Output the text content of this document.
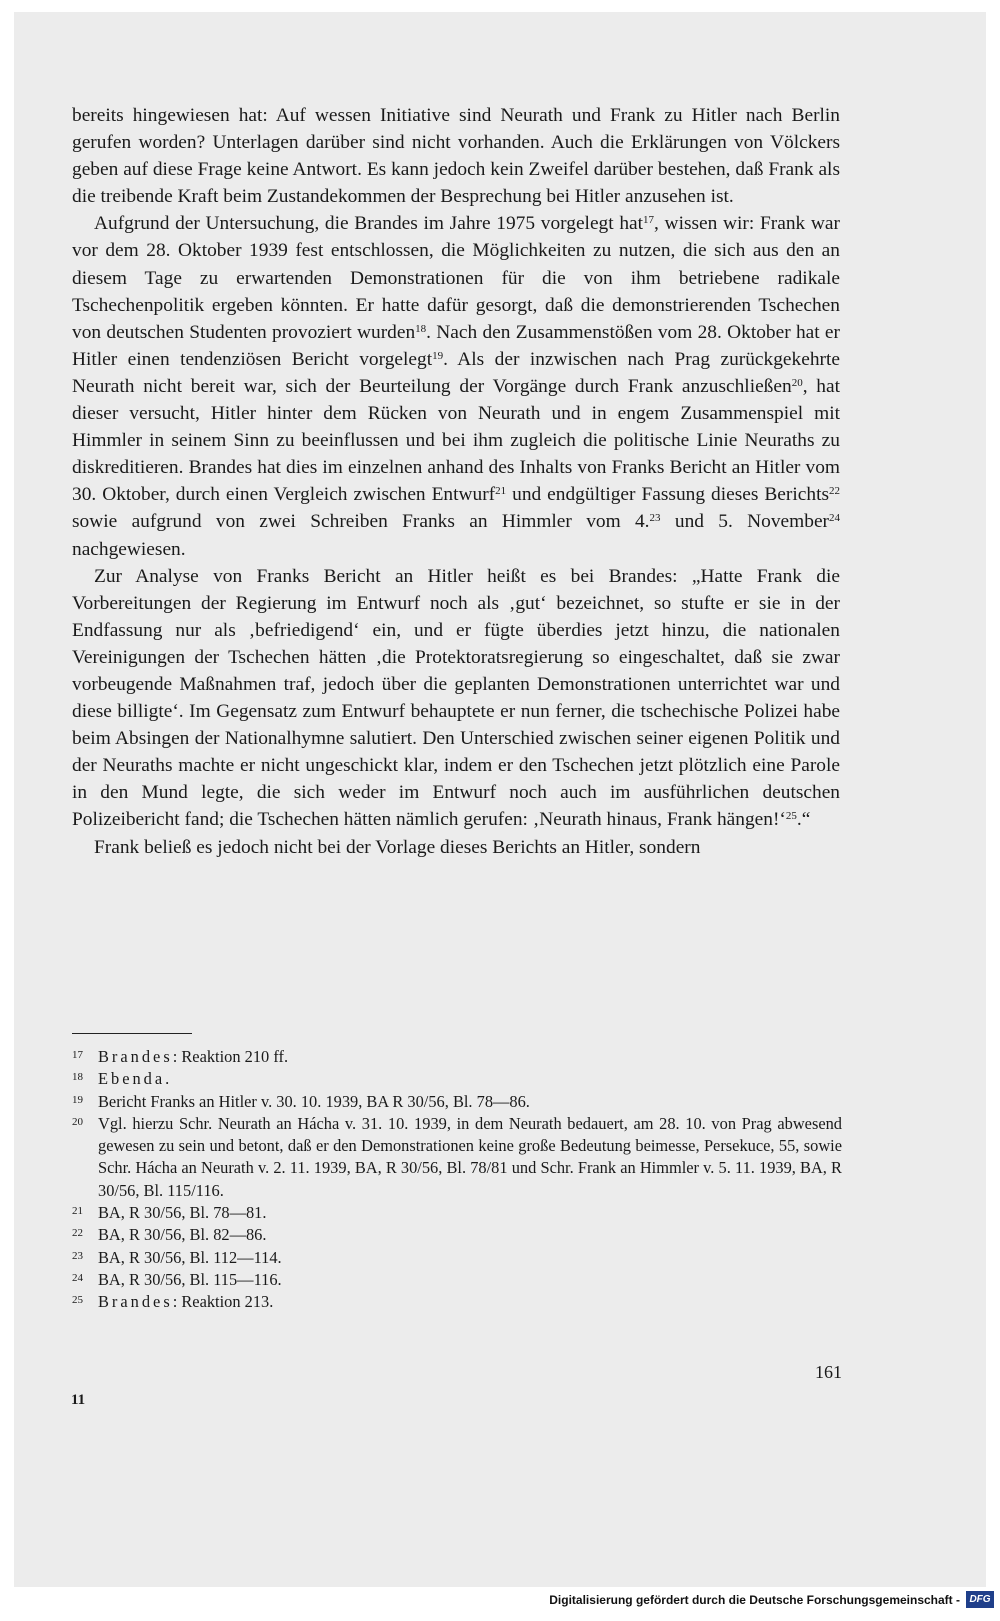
bereits hingewiesen hat: Auf wessen Initiative sind Neurath und Frank zu Hitler nach Berlin gerufen worden? Unterlagen darüber sind nicht vorhanden. Auch die Erklärungen von Völckers geben auf diese Frage keine Antwort. Es kann jedoch kein Zweifel darüber bestehen, daß Frank als die treibende Kraft beim Zustandekommen der Besprechung bei Hitler anzusehen ist.

Aufgrund der Untersuchung, die Brandes im Jahre 1975 vorgelegt hat$^{17}$, wissen wir: Frank war vor dem 28. Oktober 1939 fest entschlossen, die Möglichkeiten zu nutzen, die sich aus den an diesem Tage zu erwartenden Demonstrationen für die von ihm betriebene radikale Tschechenpolitik ergeben könnten. Er hatte dafür gesorgt, daß die demonstrierenden Tschechen von deutschen Studenten provoziert wurden$^{18}$. Nach den Zusammenstößen vom 28. Oktober hat er Hitler einen tendenziösen Bericht vorgelegt$^{19}$. Als der inzwischen nach Prag zurückgekehrte Neurath nicht bereit war, sich der Beurteilung der Vorgänge durch Frank anzuschließen$^{20}$, hat dieser versucht, Hitler hinter dem Rücken von Neurath und in engem Zusammenspiel mit Himmler in seinem Sinn zu beeinflussen und bei ihm zugleich die politische Linie Neuraths zu diskreditieren. Brandes hat dies im einzelnen anhand des Inhalts von Franks Bericht an Hitler vom 30. Oktober, durch einen Vergleich zwischen Entwurf$^{21}$ und endgültiger Fassung dieses Berichts$^{22}$ sowie aufgrund von zwei Schreiben Franks an Himmler vom 4.23 und 5. November$^{24}$ nachgewiesen.

Zur Analyse von Franks Bericht an Hitler heißt es bei Brandes: „Hatte Frank die Vorbereitungen der Regierung im Entwurf noch als ‚gut‘ bezeichnet, so stufte er sie in der Endfassung nur als ‚befriedigend‘ ein, und er fügte überdies jetzt hinzu, die nationalen Vereinigungen der Tschechen hätten ‚die Protektoratsregierung so eingeschaltet, daß sie zwar vorbeugende Maßnahmen traf, jedoch über die geplanten Demonstrationen unterrichtet war und diese billigte‘. Im Gegensatz zum Entwurf behauptete er nun ferner, die tschechische Polizei habe beim Absingen der Nationalhymne salutiert. Den Unterschied zwischen seiner eigenen Politik und der Neuraths machte er nicht ungeschickt klar, indem er den Tschechen jetzt plötzlich eine Parole in den Mund legte, die sich weder im Entwurf noch auch im ausführlichen deutschen Polizeibericht fand; die Tschechen hätten nämlich gerufen: ‚Neurath hinaus, Frank hängen!‘$^{25}$.“

Frank beließ es jedoch nicht bei der Vorlage dieses Berichts an Hitler, sondern

17 Brandes: Reaktion 210 ff.
18 Ebenda.
19 Bericht Franks an Hitler v. 30. 10. 1939, BA R 30/56, Bl. 78—86.
20 Vgl. hierzu Schr. Neurath an Hácha v. 31. 10. 1939, in dem Neurath bedauert, am 28. 10. von Prag abwesend gewesen zu sein und betont, daß er den Demonstrationen keine große Bedeutung beimesse, Persekuce, 55, sowie Schr. Hácha an Neurath v. 2. 11. 1939, BA, R 30/56, Bl. 78/81 und Schr. Frank an Himmler v. 5. 11. 1939, BA, R 30/56, Bl. 115/116.
21 BA, R 30/56, Bl. 78—81.
22 BA, R 30/56, Bl. 82—86.
23 BA, R 30/56, Bl. 112—114.
24 BA, R 30/56, Bl. 115—116.
25 Brandes: Reaktion 213.
161
11
Digitalisierung gefördert durch die Deutsche Forschungsgemeinschaft - DFG
